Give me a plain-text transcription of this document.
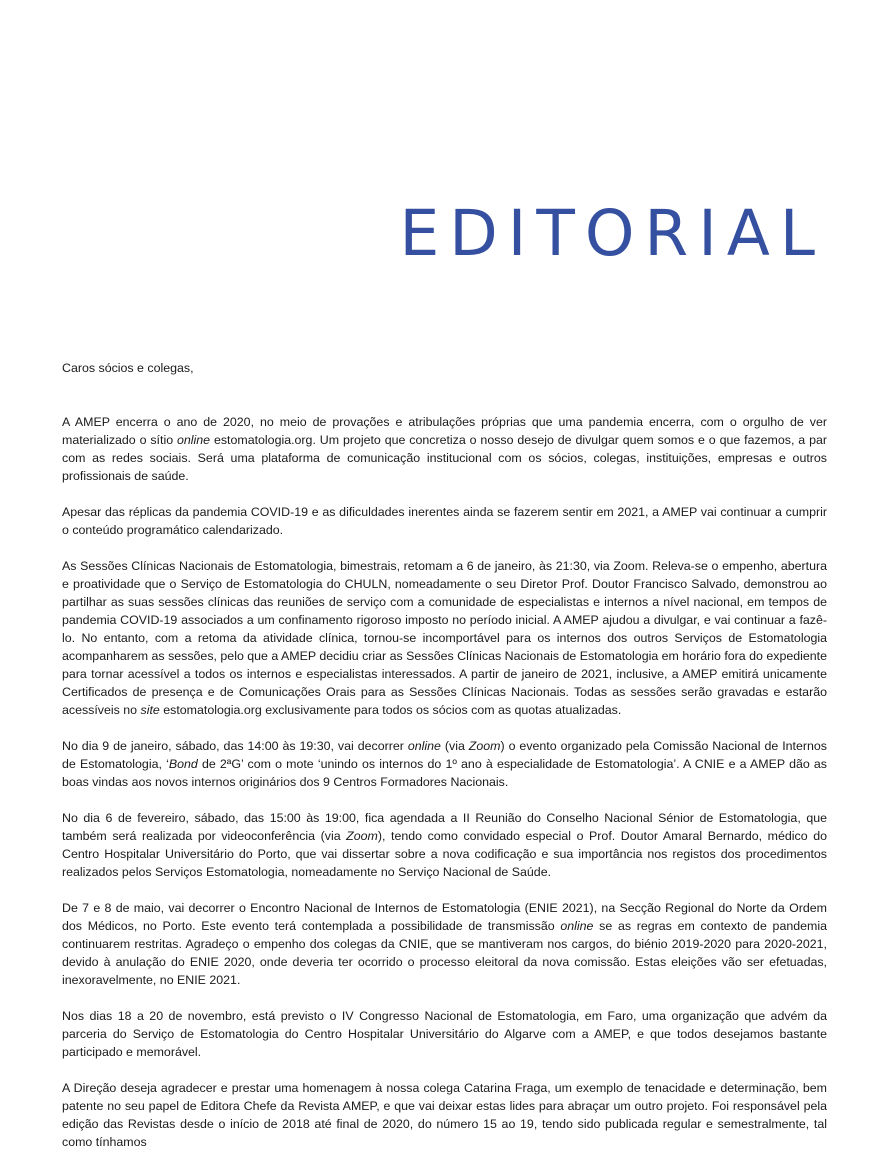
EDITORIAL

Caros sócios e colegas,

A AMEP encerra o ano de 2020, no meio de provações e atribulações próprias que uma pandemia encerra, com o orgulho de ver materializado o sítio online estomatologia.org. Um projeto que concretiza o nosso desejo de divulgar quem somos e o que fazemos, a par com as redes sociais. Será uma plataforma de comunicação institucional com os sócios, colegas, instituições, empresas e outros profissionais de saúde.

Apesar das réplicas da pandemia COVID-19 e as dificuldades inerentes ainda se fazerem sentir em 2021, a AMEP vai continuar a cumprir o conteúdo programático calendarizado.

As Sessões Clínicas Nacionais de Estomatologia, bimestrais, retomam a 6 de janeiro, às 21:30, via Zoom. Releva-se o empenho, abertura e proatividade que o Serviço de Estomatologia do CHULN, nomeadamente o seu Diretor Prof. Doutor Francisco Salvado, demonstrou ao partilhar as suas sessões clínicas das reuniões de serviço com a comunidade de especialistas e internos a nível nacional, em tempos de pandemia COVID-19 associados a um confinamento rigoroso imposto no período inicial. A AMEP ajudou a divulgar, e vai continuar a fazê-lo. No entanto, com a retoma da atividade clínica, tornou-se incomportável para os internos dos outros Serviços de Estomatologia acompanharem as sessões, pelo que a AMEP decidiu criar as Sessões Clínicas Nacionais de Estomatologia em horário fora do expediente para tornar acessível a todos os internos e especialistas interessados. A partir de janeiro de 2021, inclusive, a AMEP emitirá unicamente Certificados de presença e de Comunicações Orais para as Sessões Clínicas Nacionais. Todas as sessões serão gravadas e estarão acessíveis no site estomatologia.org exclusivamente para todos os sócios com as quotas atualizadas.

No dia 9 de janeiro, sábado, das 14:00 às 19:30, vai decorrer online (via Zoom) o evento organizado pela Comissão Nacional de Internos de Estomatologia, ‘Bond de 2ªG’ com o mote ‘unindo os internos do 1º ano à especialidade de Estomatologia’. A CNIE e a AMEP dão as boas vindas aos novos internos originários dos 9 Centros Formadores Nacionais.

No dia 6 de fevereiro, sábado, das 15:00 às 19:00, fica agendada a II Reunião do Conselho Nacional Sénior de Estomatologia, que também será realizada por videoconferência (via Zoom), tendo como convidado especial o Prof. Doutor Amaral Bernardo, médico do Centro Hospitalar Universitário do Porto, que vai dissertar sobre a nova codificação e sua importância nos registos dos procedimentos realizados pelos Serviços Estomatologia, nomeadamente no Serviço Nacional de Saúde.

De 7 e 8 de maio, vai decorrer o Encontro Nacional de Internos de Estomatologia (ENIE 2021), na Secção Regional do Norte da Ordem dos Médicos, no Porto. Este evento terá contemplada a possibilidade de transmissão online se as regras em contexto de pandemia continuarem restritas. Agradeço o empenho dos colegas da CNIE, que se mantiveram nos cargos, do biénio 2019-2020 para 2020-2021, devido à anulação do ENIE 2020, onde deveria ter ocorrido o processo eleitoral da nova comissão. Estas eleições vão ser efetuadas, inexoravelmente, no ENIE 2021.

Nos dias 18 a 20 de novembro, está previsto o IV Congresso Nacional de Estomatologia, em Faro, uma organização que advém da parceria do Serviço de Estomatologia do Centro Hospitalar Universitário do Algarve com a AMEP, e que todos desejamos bastante participado e memorável.

A Direção deseja agradecer e prestar uma homenagem à nossa colega Catarina Fraga, um exemplo de tenacidade e determinação, bem patente no seu papel de Editora Chefe da Revista AMEP, e que vai deixar estas lides para abraçar um outro projeto. Foi responsável pela edição das Revistas desde o início de 2018 até final de 2020, do número 15 ao 19, tendo sido publicada regular e semestralmente, tal como tínhamos
